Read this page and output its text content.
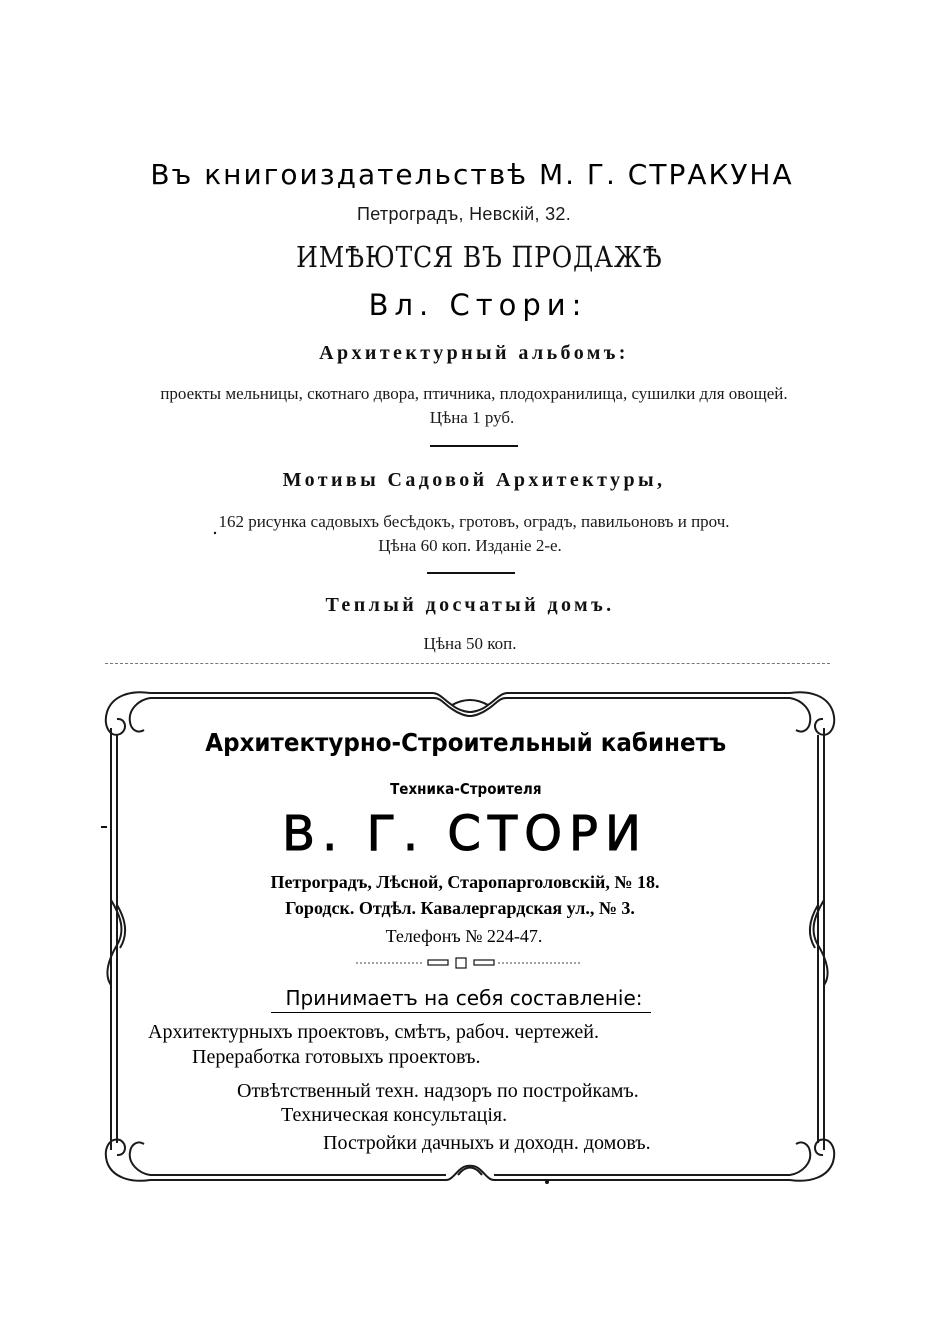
Въ книгоиздательствѣ М. Г. СТРАКУНА
Петроградъ, Невскій, 32.
ИМѢЮТСЯ ВЪ ПРОДАЖѢ
Вл. Стори:
Архитектурный альбомъ:
проекты мельницы, скотнаго двора, птичника, плодохранилища, сушилки для овощей.
Цѣна 1 руб.
Мотивы Садовой Архитектуры,
162 рисунка садовыхъ бесѣдокъ, гротовъ, оградъ, павильоновъ и проч.
Цѣна 60 коп. Изданіе 2-е.
Теплый досчатый домъ.
Цѣна 50 коп.
Архитектурно-Строительный кабинетъ
Техника-Строителя
В. Г. СТОРИ
Петроградъ, Лѣсной, Старопарголовскій, № 18.
Городск. Отдѣл. Кавалергардская ул., № 3.
Телефонъ № 224-47.
Принимаетъ на себя составленіе:
Архитектурныхъ проектовъ, смѣтъ, рабоч. чертежей.
Переработка готовыхъ проектовъ.
Отвѣтственный техн. надзоръ по постройкамъ.
Техническая консультація.
Постройки дачныхъ и доходн. домовъ.
